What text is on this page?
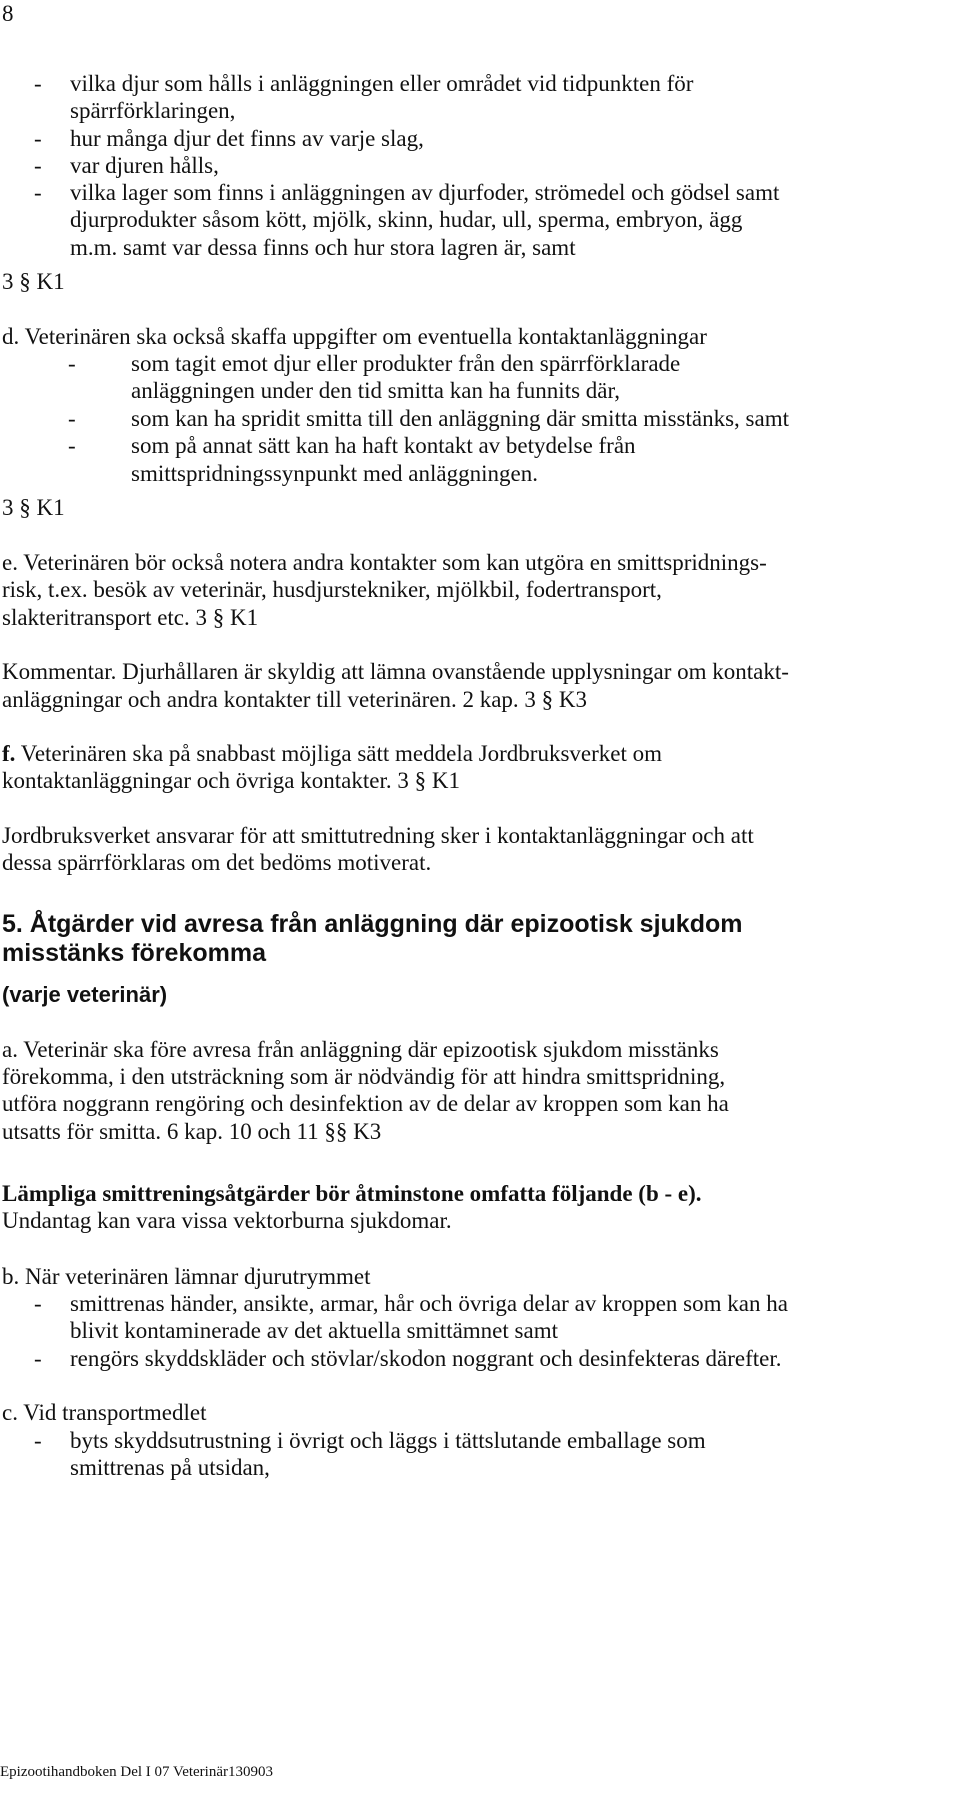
8
- vilka djur som hålls i anläggningen eller området vid tidpunkten för
spärrförklaringen,
- hur många djur det finns av varje slag,
- var djuren hålls,
- vilka lager som finns i anläggningen av djurfoder, strömedel och gödsel samt
djurprodukter såsom kött, mjölk, skinn, hudar, ull, sperma, embryon, ägg
m.m. samt var dessa finns och hur stora lagren är, samt
3 § K1
d. Veterinären ska också skaffa uppgifter om eventuella kontaktanläggningar
- som tagit emot djur eller produkter från den spärrförklarade
anläggningen under den tid smitta kan ha funnits där,
- som kan ha spridit smitta till den anläggning där smitta misstänks, samt
- som på annat sätt kan ha haft kontakt av betydelse från
smittspridningssynpunkt med anläggningen.
3 § K1
e. Veterinären bör också notera andra kontakter som kan utgöra en smittspridnings-
risk, t.ex. besök av veterinär, husdjurstekniker, mjölkbil, fodertransport,
slakteritransport etc. 3 § K1
Kommentar. Djurhållaren är skyldig att lämna ovanstående upplysningar om kontakt-
anläggningar och andra kontakter till veterinären. 2 kap. 3 § K3
f. Veterinären ska på snabbast möjliga sätt meddela Jordbruksverket om
kontaktanläggningar och övriga kontakter. 3 § K1
Jordbruksverket ansvarar för att smittutredning sker i kontaktanläggningar och att
dessa spärrförklaras om det bedöms motiverat.
5. Åtgärder vid avresa från anläggning där epizootisk sjukdom
misstänks förekomma
(varje veterinär)
a. Veterinär ska före avresa från anläggning där epizootisk sjukdom misstänks
förekomma, i den utsträckning som är nödvändig för att hindra smittspridning,
utföra noggrann rengöring och desinfektion av de delar av kroppen som kan ha
utsatts för smitta. 6 kap. 10 och 11 §§ K3
Lämpliga smittreningsåtgärder bör åtminstone omfatta följande (b - e).
Undantag kan vara vissa vektorburna sjukdomar.
b. När veterinären lämnar djurutrymmet
- smittrenas händer, ansikte, armar, hår och övriga delar av kroppen som kan ha
blivit kontaminerade av det aktuella smittämnet samt
- rengörs skyddskläder och stövlar/skodon noggrant och desinfekteras därefter.
c. Vid transportmedlet
- byts skyddsutrustning i övrigt och läggs i tättslutande emballage som
smittrenas på utsidan,
Epizootihandboken Del I 07 Veterinär130903
